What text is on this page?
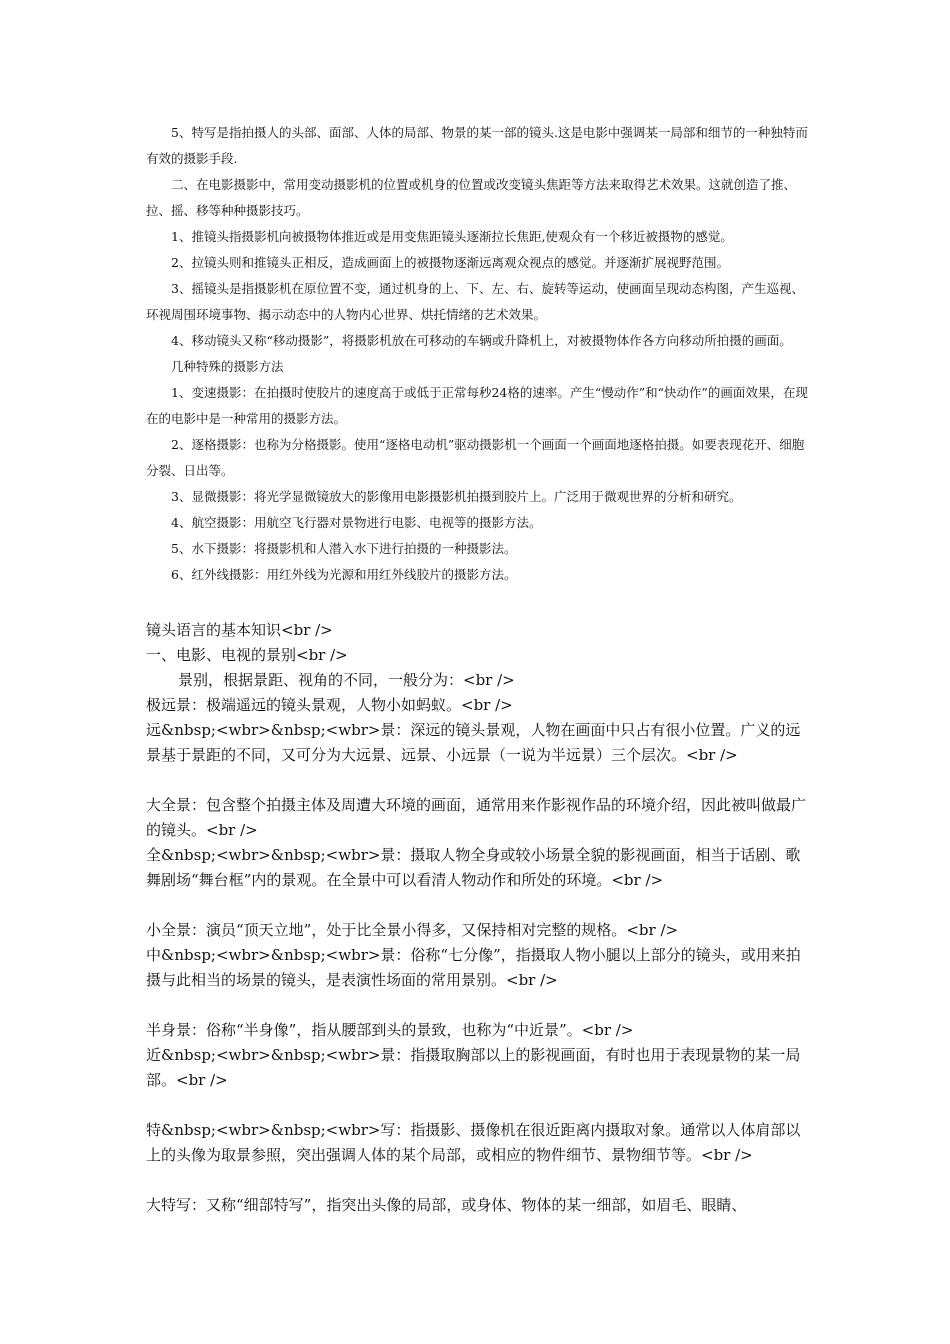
5、特写是指拍摄人的头部、面部、人体的局部、物景的某一部的镜头.这是电影中强调某一局部和细节的一种独特而有效的摄影手段.

二、在电影摄影中，常用变动摄影机的位置或机身的位置或改变镜头焦距等方法来取得艺术效果。这就创造了推、拉、摇、移等种种摄影技巧。

1、推镜头指摄影机向被摄物体推近或是用变焦距镜头逐渐拉长焦距,使观众有一个移近被摄物的感觉。

2、拉镜头则和推镜头正相反，造成画面上的被摄物逐渐远离观众视点的感觉。并逐渐扩展视野范围。

3、摇镜头是指摄影机在原位置不变，通过机身的上、下、左、右、旋转等运动，使画面呈现动态构图，产生巡视、环视周围环境事物、揭示动态中的人物内心世界、烘托情绪的艺术效果。

4、移动镜头又称“移动摄影”，将摄影机放在可移动的车辆或升降机上，对被摄物体作各方向移动所拍摄的画面。

几种特殊的摄影方法

1、变速摄影：在拍摄时使胶片的速度高于或低于正常每秒24格的速率。产生“慢动作”和“快动作”的画面效果，在现在的电影中是一种常用的摄影方法。

2、逐格摄影：也称为分格摄影。使用“逐格电动机”驱动摄影机一个画面一个画面地逐格拍摄。如要表现花开、细胞分裂、日出等。

3、显微摄影：将光学显微镜放大的影像用电影摄影机拍摄到胶片上。广泛用于微观世界的分析和研究。

4、航空摄影：用航空飞行器对景物进行电影、电视等的摄影方法。

5、水下摄影：将摄影机和人潜入水下进行拍摄的一种摄影法。

6、红外线摄影：用红外线为光源和用红外线胶片的摄影方法。

镜头语言的基本知识<br />

一、电影、电视的景别<br />

景别，根据景距、视角的不同，一般分为：<br />

极远景：极端遥远的镜头景观，人物小如蚂蚁。<br />

远&nbsp;<wbr>&nbsp;<wbr>景：深远的镜头景观，人物在画面中只占有很小位置。广义的远景基于景距的不同，又可分为大远景、远景、小远景（一说为半远景）三个层次。<br />

大全景：包含整个拍摄主体及周遭大环境的画面，通常用来作影视作品的环境介绍，因此被叫做最广的镜头。<br />

全&nbsp;<wbr>&nbsp;<wbr>景：摄取人物全身或较小场景全貌的影视画面，相当于话剧、歌舞剧场“舞台框”内的景观。在全景中可以看清人物动作和所处的环境。<br />

小全景：演员“顶天立地”，处于比全景小得多，又保持相对完整的规格。<br />

中&nbsp;<wbr>&nbsp;<wbr>景：俗称“七分像”，指摄取人物小腿以上部分的镜头，或用来拍摄与此相当的场景的镜头，是表演性场面的常用景别。<br />

半身景：俗称“半身像”，指从腰部到头的景致，也称为“中近景”。<br />

近&nbsp;<wbr>&nbsp;<wbr>景：指摄取胸部以上的影视画面，有时也用于表现景物的某一局部。<br />

特&nbsp;<wbr>&nbsp;<wbr>写：指摄影、摄像机在很近距离内摄取对象。通常以人体肩部以上的头像为取景参照，突出强调人体的某个局部，或相应的物件细节、景物细节等。<br />

大特写：又称“细部特写”，指突出头像的局部，或身体、物体的某一细部，如眉毛、眼睛、
